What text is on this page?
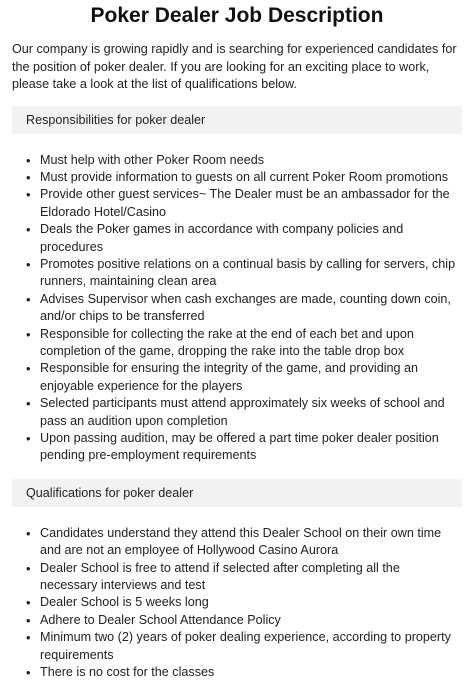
Poker Dealer Job Description

Our company is growing rapidly and is searching for experienced candidates for the position of poker dealer. If you are looking for an exciting place to work, please take a look at the list of qualifications below.

Responsibilities for poker dealer
• Must help with other Poker Room needs
• Must provide information to guests on all current Poker Room promotions
• Provide other guest services~ The Dealer must be an ambassador for the Eldorado Hotel/Casino
• Deals the Poker games in accordance with company policies and procedures
• Promotes positive relations on a continual basis by calling for servers, chip runners, maintaining clean area
• Advises Supervisor when cash exchanges are made, counting down coin, and/or chips to be transferred
• Responsible for collecting the rake at the end of each bet and upon completion of the game, dropping the rake into the table drop box
• Responsible for ensuring the integrity of the game, and providing an enjoyable experience for the players
• Selected participants must attend approximately six weeks of school and pass an audition upon completion
• Upon passing audition, may be offered a part time poker dealer position pending pre-employment requirements
Qualifications for poker dealer
• Candidates understand they attend this Dealer School on their own time and are not an employee of Hollywood Casino Aurora
• Dealer School is free to attend if selected after completing all the necessary interviews and test
• Dealer School is 5 weeks long
• Adhere to Dealer School Attendance Policy
• Minimum two (2) years of poker dealing experience, according to property requirements
• There is no cost for the classes
